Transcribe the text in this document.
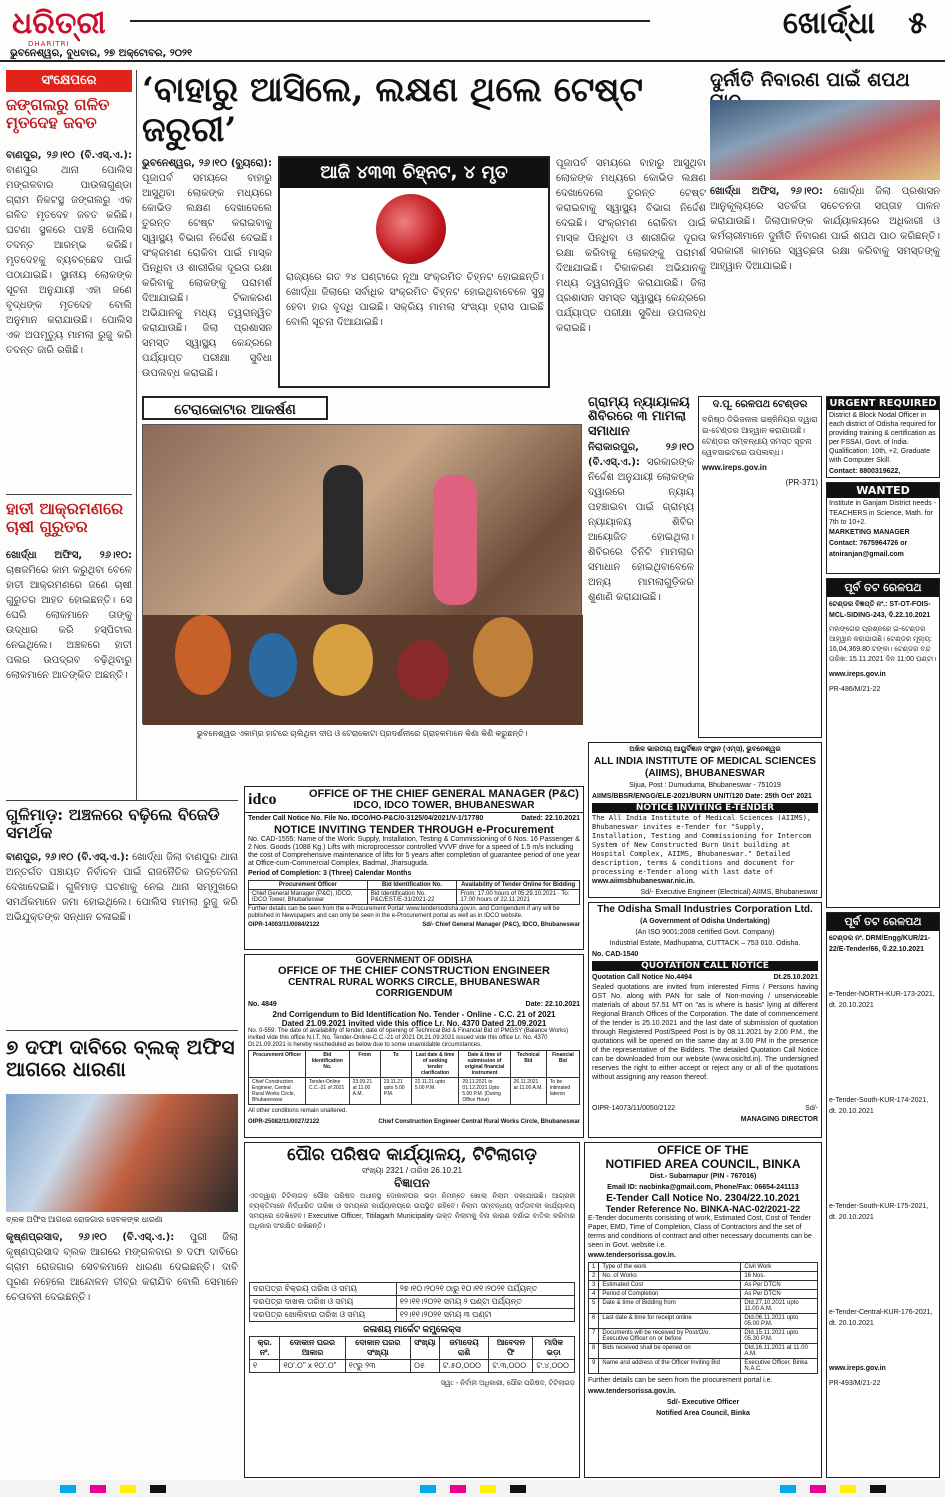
ଧରିତ୍ରୀ
DHARITRI
ଭୁବନେଶ୍ୱର, ବୁଧବାର, ୨୭ ଅକ୍ଟୋବର, ୨୦୨୧
ଖୋର୍ଦ୍ଧା ୫
ସଂକ୍ଷେପରେ
ଜଙ୍ଗଲରୁ ଗଳିତ ମୃତଦେହ ଜବତ
ବାଣପୁର, ୨୬।୧୦ (ବି.ଏସ୍.ଏ.): ବାଣପୁର ଥାନା ପୋଲିସ ମଙ୍ଗଳବାର ପାଉଳାଗୁଣ୍ଡା ଗ୍ରାମ ନିକଟସ୍ଥ ଜଙ୍ଗଲରୁ ଏକ ଗଳିତ ମୃତଦେହ ଜବତ କରିଛି। ଘଟଣା ସ୍ଥଳରେ ପହଞ୍ଚି ପୋଲିସ ତଦନ୍ତ ଆରମ୍ଭ କରିଛି। ମୃତଦେହକୁ ବ୍ୟବଚ୍ଛେଦ ପାଇଁ ପଠାଯାଇଛି। ସ୍ଥାନୀୟ ଲୋକଙ୍କ ସୂଚନା ଅନୁଯାୟୀ ଏହା ଜଣେ ବୃଦ୍ଧଙ୍କ ମୃତଦେହ ବୋଲି ଅନୁମାନ କରାଯାଉଛି। ପୋଲିସ ଏକ ଅପମୃତ୍ୟୁ ମାମଲା ରୁଜୁ କରି ତଦନ୍ତ ଜାରି ରଖିଛି।
ହାତୀ ଆକ୍ରମଣରେ ଚାଷୀ ଗୁରୁତର
ଖୋର୍ଦ୍ଧା ଅଫିସ, ୨୬।୧୦: ଚାଷଜମିରେ କାମ କରୁଥିବା ବେଳେ ହାତୀ ଆକ୍ରମଣରେ ଜଣେ ଚାଷୀ ଗୁରୁତର ଆହତ ହୋଇଛନ୍ତି। ସେ ଘେରି ଲୋକମାନେ ତାଙ୍କୁ ଉଦ୍ଧାର କରି ହସ୍ପିଟାଲ ନେଇଥିଲେ। ଅଞ୍ଚଳରେ ହାତୀ ପଲର ଉପଦ୍ରବ ବଢ଼ିଥିବାରୁ ଲୋକମାନେ ଆତଙ୍କିତ ଅଛନ୍ତି।
‘ବାହାରୁ ଆସିଲେ, ଲକ୍ଷଣ ଥିଲେ ଟେଷ୍ଟ ଜରୁରୀ’
ଭୁବନେଶ୍ୱର, ୨୬।୧୦ (ବ୍ୟୁରୋ): ପୂଜାପର୍ବ ସମୟରେ ବାହାରୁ ଆସୁଥିବା ଲୋକଙ୍କ ମଧ୍ୟରେ କୋଭିଡ ଲକ୍ଷଣ ଦେଖାଦେଲେ ତୁରନ୍ତ ଟେଷ୍ଟ କରାଇବାକୁ ସ୍ୱାସ୍ଥ୍ୟ ବିଭାଗ ନିର୍ଦ୍ଦେଶ ଦେଇଛି। ସଂକ୍ରମଣ ରୋକିବା ପାଇଁ ମାସ୍କ ପିନ୍ଧିବା ଓ ଶାରୀରିକ ଦୂରତା ରକ୍ଷା କରିବାକୁ ଲୋକଙ୍କୁ ପରାମର୍ଶ ଦିଆଯାଇଛି। ଟିକାକରଣ ଅଭିଯାନକୁ ମଧ୍ୟ ତ୍ୱରାନ୍ୱିତ କରାଯାଉଛି। ଜିଲା ପ୍ରଶାସନ ସମସ୍ତ ସ୍ୱାସ୍ଥ୍ୟ କେନ୍ଦ୍ରରେ ପର୍ଯ୍ୟାପ୍ତ ପରୀକ୍ଷା ସୁବିଧା ଉପଲବ୍ଧ କରାଇଛି।
ଆଜି ୪୩୩ ଚିହ୍ନଟ, ୪ ମୃତ
ରାଜ୍ୟରେ ଗତ ୨୪ ଘଣ୍ଟାରେ ନୂଆ ସଂକ୍ରମିତ ଚିହ୍ନଟ ହୋଇଛନ୍ତି। ଖୋର୍ଦ୍ଧା ଜିଲାରେ ସର୍ବାଧିକ ସଂକ୍ରମିତ ଚିହ୍ନଟ ହୋଇଥିବାବେଳେ ସୁସ୍ଥ ହେବା ହାର ବୃଦ୍ଧି ପାଇଛି। ସକ୍ରିୟ ମାମଲା ସଂଖ୍ୟା ହ୍ରାସ ପାଇଛି ବୋଲି ସୂଚନା ଦିଆଯାଇଛି।
ପୂଜାପର୍ବ ସମୟରେ ବାହାରୁ ଆସୁଥିବା ଲୋକଙ୍କ ମଧ୍ୟରେ କୋଭିଡ ଲକ୍ଷଣ ଦେଖାଦେଲେ ତୁରନ୍ତ ଟେଷ୍ଟ କରାଇବାକୁ ସ୍ୱାସ୍ଥ୍ୟ ବିଭାଗ ନିର୍ଦ୍ଦେଶ ଦେଇଛି। ସଂକ୍ରମଣ ରୋକିବା ପାଇଁ ମାସ୍କ ପିନ୍ଧିବା ଓ ଶାରୀରିକ ଦୂରତା ରକ୍ଷା କରିବାକୁ ଲୋକଙ୍କୁ ପରାମର୍ଶ ଦିଆଯାଇଛି। ଟିକାକରଣ ଅଭିଯାନକୁ ମଧ୍ୟ ତ୍ୱରାନ୍ୱିତ କରାଯାଉଛି। ଜିଲା ପ୍ରଶାସନ ସମସ୍ତ ସ୍ୱାସ୍ଥ୍ୟ କେନ୍ଦ୍ରରେ ପର୍ଯ୍ୟାପ୍ତ ପରୀକ୍ଷା ସୁବିଧା ଉପଲବ୍ଧ କରାଇଛି।
ଟେରାକୋଟାର ଆକର୍ଷଣ
ଭୁବନେଶ୍ୱର ଏକାମ୍ର ହାଟରେ ଚାଲିଥିବା ଦୀପ ଓ ଟେରାକୋଟା ପ୍ରଦର୍ଶନୀରେ ଗ୍ରାହକମାନେ କିଣା କିଣି କରୁଛନ୍ତି।
ଦୁର୍ନୀତି ନିବାରଣ ପାଇଁ ଶପଥ
ଖୋର୍ଦ୍ଧା ଅଫିସ, ୨୬।୧୦: ଖୋର୍ଦ୍ଧା ଜିଲା ପ୍ରଶାସନ ଆନୁକୂଲ୍ୟରେ ସତର୍କତା ସଚେତନତା ସପ୍ତାହ ପାଳନ କରାଯାଉଛି। ଜିଲାପାଳଙ୍କ କାର୍ଯ୍ୟାଳୟରେ ଅଧିକାରୀ ଓ କର୍ମଚାରୀମାନେ ଦୁର୍ନୀତି ନିବାରଣ ପାଇଁ ଶପଥ ପାଠ କରିଛନ୍ତି। ସରକାରୀ କାମରେ ସ୍ୱଚ୍ଛତା ରକ୍ଷା କରିବାକୁ ସମସ୍ତଙ୍କୁ ଆହ୍ୱାନ ଦିଆଯାଇଛି।
ଗ୍ରାମ୍ୟ ନ୍ୟାୟାଳୟ ଶିବିରରେ ୩ ମାମଲା ସମାଧାନ
ନିରାକାରପୁର, ୨୬।୧୦ (ବି.ଏସ୍.ଏ.): ସରକାରଙ୍କ ନିର୍ଦ୍ଦେଶ ଅନୁଯାୟୀ ଲୋକଙ୍କ ଦ୍ୱାରରେ ନ୍ୟାୟ ପହଞ୍ଚାଇବା ପାଇଁ ଗ୍ରାମ୍ୟ ନ୍ୟାୟାଳୟ ଶିବିର ଆୟୋଜିତ ହୋଇଥିଲା। ଶିବିରରେ ତିନିଟି ମାମଲାର ସମାଧାନ ହୋଇଥିବାବେଳେ ଅନ୍ୟ ମାମଲାଗୁଡ଼ିକର ଶୁଣାଣି କରାଯାଇଛି।
ଦ.ପୂ. ରେଳପଥ ଟେଣ୍ଡର
ବରିଷ୍ଠ ଡିଭିଜନାଲ ଇଞ୍ଜିନିୟର ଦ୍ୱାରା ଇ-ଟେଣ୍ଡର ଆହ୍ୱାନ କରାଯାଉଛି। ଟେଣ୍ଡର ସମ୍ବନ୍ଧୀୟ ସମସ୍ତ ସୂଚନା ୱେବସାଇଟରେ ଉପଲବ୍ଧ।
www.ireps.gov.in
(PR-371)
URGENT REQUIRED
District & Block Nodal Officer in each district of Odisha required for providing training & certification as per FSSAI, Govt. of India. Qualification: 10th, +2, Graduate with Computer Skill.
Contact: 8800319622,
WANTED
Institute in Ganjam District needs -
TEACHERS in Science, Math. for 7th to 10+2.
MARKETING MANAGER
Contact: 7675964726 or
atniranjan@gmail.com
ପୂର୍ବ ତଟ ରେଳପଥ
ଟେଣ୍ଡର ବିଜ୍ଞପ୍ତି ନଂ.: ST-OT-FOIS-MCL-SIDING-243, ଦି.22.10.2021
ମହାଙ୍ଗେର ପ୍ରଶ୍ନରେ ଇ-ଟେଣ୍ଡର ଆହ୍ୱାନ କରାଯାଉଛି। ଟେଣ୍ଡର ମୂଲ୍ୟ: 16,04,369.80 ଟଙ୍କା। ଟେଣ୍ଡର ବନ୍ଦ ତାରିଖ: 15.11.2021 ଦିନ 11:00 ଘଣ୍ଟା।
www.ireps.gov.in
PR-486/M/21-22
ପୂର୍ବ ତଟ ରେଳପଥ
ଟେଣ୍ଡର ନଂ. DRM/Engg/KUR/21-22/E-Tender/66, ଦି.22.10.2021
e-Tender-NORTH-KUR-173-2021, dt. 20.10.2021
e-Tender-South-KUR-174-2021, dt. 20.10.2021
e-Tender-South-KUR-175-2021, dt. 20.10.2021
e-Tender-Central-KUR-176-2021, dt. 20.10.2021
www.ireps.gov.in
PR-493/M/21-22
ଅଖିଳ ଭାରତୀୟ ଆୟୁର୍ବିଜ୍ଞାନ ସଂସ୍ଥାନ (ଏମ୍ସ), ଭୁବନେଶ୍ୱର
ALL INDIA INSTITUTE OF MEDICAL SCIENCES (AIIMS), BHUBANESWAR
Sijua, Post : Dumuduma, Bhubaneswar - 751019
AIIMS/BBSR/ENGG/ELE-2021/BURN UNIT/120 Date: 25th Oct' 2021
NOTICE INVITING E-TENDER
The All India Institute of Medical Sciences (AIIMS), Bhubaneswar invites e-Tender for "Supply, Installation, Testing and Commissioning for Intercom System of New Constructed Burn Unit building at Hospital Complex, AIIMS, Bhubaneswar." Detailed description, terms & conditions and document for processing e-Tender along with last date of
www.aiimsbhubaneswar.nic.in.
Sd/- Executive Engineer (Electrical) AIIMS, Bhubaneswar
The Odisha Small Industries Corporation Ltd.
(A Government of Odisha Undertaking)
(An ISO 9001:2008 certified Govt. Company)
Industrial Estate, Madhupatna, CUTTACK – 753 010. Odisha.
No. CAD-1540
QUOTATION CALL NOTICE
Quotation Call Notice No.4494	Dt.25.10.2021
Sealed quotations are invited from interested Firms / Persons having GST No. along with PAN for sale of Non-moving / unserviceable materials of about 57.51 MT on "as is where is basis" lying at different Regional Branch Offices of the Corporation. The date of commencement of the tender is 25.10.2021 and the last date of submission of quotation through Registered Post/Speed Post is by 08.11.2021 by 2.00 P.M., the quotations will be opened on the same day at 3.00 PM in the presence of the representative of the Bidders. The detailed Quotation Call Notice can be downloaded from our website (www.osicltd.in). The undersigned reserves the right to either accept or reject any or all of the quotations without assigning any reason thereof.
OIPR-14073/11/0050/2122	Sd/-
MANAGING DIRECTOR
ଗୁଳିମାଡ଼: ଅଞ୍ଚଳରେ ବଢ଼ିଲେ ବିଜେଡି ସମର୍ଥକ
ବାଣପୁର, ୨୬।୧୦ (ବି.ଏସ୍.ଏ.): ଖୋର୍ଦ୍ଧା ଜିଲା ବାଣପୁର ଥାନା ଅନ୍ତର୍ଗତ ପଞ୍ଚାୟତ ନିର୍ବାଚନ ପାଇଁ ରାଜନୈତିକ ଉତ୍ତେଜନା ଦେଖାଦେଇଛି। ଗୁଳିମାଡ଼ ଘଟଣାକୁ ନେଇ ଥାନା ସମ୍ମୁଖରେ ସମର୍ଥକମାନେ ଜମା ହୋଇଥିଲେ। ପୋଲିସ ମାମଲା ରୁଜୁ କରି ଅଭିଯୁକ୍ତଙ୍କ ସନ୍ଧାନ ଚଳାଇଛି।
୭ ଦଫା ଦାବିରେ ବ୍ଲକ୍ ଅଫିସ ଆଗରେ ଧାରଣା
ବ୍ଲକ ଅଫିସ ଆଗରେ ରୋଜଗାର ସେବକଙ୍କ ଧାରଣା
କୃଷ୍ଣପ୍ରସାଦ, ୨୬।୧୦ (ବି.ଏସ୍.ଏ.): ପୁରୀ ଜିଲା କୃଷ୍ଣପ୍ରସାଦ ବ୍ଲକ ଆଗରେ ମଙ୍ଗଳବାର ୭ ଦଫା ଦାବିରେ ଗ୍ରାମ ରୋଜଗାର ସେବକମାନେ ଧାରଣା ଦେଇଛନ୍ତି। ଦାବି ପୂରଣ ନହେଲେ ଆନ୍ଦୋଳନ ତୀବ୍ର କରାଯିବ ବୋଲି ସେମାନେ ଚେତାବନୀ ଦେଇଛନ୍ତି।
idco	OFFICE OF THE CHIEF GENERAL MANAGER (P&C)
IDCO, IDCO TOWER, BHUBANESWAR
Tender Call Notice No. File No. IDCO/HO-P&C/0-3125/04/2021/V-1/17780	Dated: 22.10.2021
NOTICE INVITING TENDER THROUGH e-Procurement
No. CAD-1555: Name of the Work: Supply, Installation, Testing & Commissioning of 6 Nos. 16 Passenger & 2 Nos. Goods (1088 Kg.) Lifts with microprocessor controlled VVVF drive for a speed of 1.5 m/s including the cost of Comprehensive maintenance of lifts for 5 years after completion of guarantee period of one year at Office-cum-Commercial Complex, Badmal, Jharsuguda.
Period of Completion: 3 (Three) Calendar Months
Procurement Officer	Bid Identification No.	Availability of Tender Online for Bidding
Chief General Manager (P&C), IDCO, IDCO Tower, Bhubaneswar	Bid Identification No. P&C/EST/E-31/2021-22	From: 17.00 hours of 05.29.10.2021 · To: 17.00 hours of 22.11.2021
Further details can be seen from the e-Procurement Portal: www.tendersodisha.gov.in. and Corrigendum if any will be published in Newspapers and can only be seen in the e-Procurement portal as well as in IDCO website.
OIPR-14003/11/0084/2122	Sd/- Chief General Manager (P&C), IDCO, Bhubaneswar
GOVERNMENT OF ODISHA
OFFICE OF THE CHIEF CONSTRUCTION ENGINEER
CENTRAL RURAL WORKS CIRCLE, BHUBANESWAR
CORRIGENDUM
No. 4849	Date: 22.10.2021
2nd Corrigendum to Bid Identification No. Tender - Online - C.C. 21 of 2021
Dated 21.09.2021 invited vide this office Lr. No. 4370 Dated 21.09.2021
No. 0-559: The date of availability of tender, date of opening of Technical Bid & Financial Bid of PMGSY (Balance Works) invited vide this office N.I.T. No. Tender-Online-C.C.-21 of 2021 Dt.21.09.2021 issued vide this office Lr. No. 4370 Dt.21.09.2021 is hereby rescheduled as below due to some unavoidable circumstances.
Procurement Officer	Bid Identification No.	From	To	Last date & time of seeking tender clarification	Date & time of submission of original financial instrument	Technical Bid	Financial Bid
Chief Construction Engineer, Central Rural Works Circle, Bhubaneswar	Tender-Online C.C.-21 of 2021	23.09.21 at 11.00 A.M.	23.11.21 upto 5.00 P.M.	22.11.21 upto 5.00 P.M.	29.11.2021 to 01.12.2021 Upto 5.00 P.M. (During Office Hour)	26.11.2021 at 11.00 A.M.	To be intimated lateron
All other conditions remain unaltered.
OIPR-25082/11/0027/2122	Chief Construction Engineer Central Rural Works Circle, Bhubaneswar
ପୌର ପରିଷଦ କାର୍ଯ୍ୟାଳୟ, ଟିଟିଲାଗଡ଼
ସଂଖ୍ୟା 2321 / ତାରିଖ 26.10.21
ବିଜ୍ଞାପନ
ଏତଦ୍ୱାରା ଟିଟିଲାଗଡ଼ ପୌର ପରିଷଦ ଅଧୀନସ୍ଥ ଦୋକାନଘର ଭଡ଼ା ନିମନ୍ତେ ଖୋଲା ନିଲାମ ଡକାଯାଉଛି। ଆଗ୍ରହୀ ବ୍ୟକ୍ତିମାନେ ନିର୍ଦ୍ଧାରିତ ତାରିଖ ଓ ସମୟରେ କାର୍ଯ୍ୟାଳୟରେ ଉପସ୍ଥିତ ରହିବେ। ନିଲାମ ସମ୍ବନ୍ଧୀୟ ସର୍ତ୍ତାବଳୀ କାର୍ଯ୍ୟାଳୟ ସମୟରେ ଦେଖିହେବ। Executive Officer, Titilagarh Municipality ଉକ୍ତ ନିଲାମକୁ ବିନା କାରଣ ଦର୍ଶାଇ ବାତିଲ କରିବାର ଅଧିକାର ସଂରକ୍ଷିତ ରଖିଛନ୍ତି।
ଦରପତ୍ର ବିକ୍ରୟ ତାରିଖ ଓ ସମୟ	୨୭।୧୦।୨୦୨୧ ଠାରୁ ୧୦।୧୧।୨୦୨୧ ପର୍ଯ୍ୟନ୍ତ
ଦରପତ୍ର ଦାଖଲ ତାରିଖ ଓ ସମୟ	୧୨।୧୧।୨୦୨୧ ସମୟ ୨ ଘଣ୍ଟା ପର୍ଯ୍ୟନ୍ତ
ଦରପତ୍ର ଖୋଲିବାର ତାରିଖ ଓ ସମୟ	୧୨।୧୧।୨୦୨୧ ସମୟ ୩ ଘଣ୍ଟା
ଜଳାଶୟ ମାର୍କେଟ କମ୍ପ୍ଲେକ୍ସ
କ୍ର. ନଂ.	ଦୋକାନ ଘରର ଆକାର	ଦୋକାନ ଘରର ସଂଖ୍ୟା	ସଂଖ୍ୟା	ଜମାଦେୟ ରାଶି	ଆବେଦନ ଫି	ମାସିକ ଭଡ଼ା
୧	୧୦'.୦" x ୧୦'.୦"	୧୯ରୁ ୨୩	୦୫	ଟ.୫୦,୦୦୦	ଟ.୩,୦୦୦	ଟ.୪,୦୦୦
ସ୍ୱା: - ନିର୍ବାହୀ ଅଧିକାରୀ, ପୌର ପରିଷଦ, ଟିଟିଲାଗଡ଼
OFFICE OF THE
NOTIFIED AREA COUNCIL, BINKA
Dist.- Subarnapur (PIN - 767016)
Email ID: nacbinka@gmail.com, Phone/Fax: 06654-241113
E-Tender Call Notice No. 2304/22.10.2021
Tender Reference No. BINKA-NAC-02/2021-22
E-Tender documents consisting of work, Estimated Cost, Cost of Tender Paper, EMD, Time of Completion, Class of Contractors and the set of terms and conditions of contract and other necessary documents can be seen in Govt. website i.e.
www.tendersorissa.gov.in.
1	Type of the work	Civil Work
2	No. of Works	16 Nos.
3	Estimated Cost	As Per DTCN
4	Period of Completion	As Per DTCN
5	Date & time of Bidding from	Dtd.27.10.2021 upto 11.00 A.M.
6	Last date & time for receipt online	Dtd.06.11.2021 upto 05.00 P.M.
7	Documents will be received by Post/O/o. Executive Officer on or before	Dtd.15.11.2021 upto 05.30 P.M.
8	Bids received shall be opened on	Dtd.16.11.2021 at 11.00 A.M.
9	Name and address of the Officer Inviting Bid	Executive Officer, Binka N.A.C.
Further details can be seen from the procurement portal i.e.
www.tendersorissa.gov.in.
Sd/- Executive Officer
Notified Area Council, Binka
